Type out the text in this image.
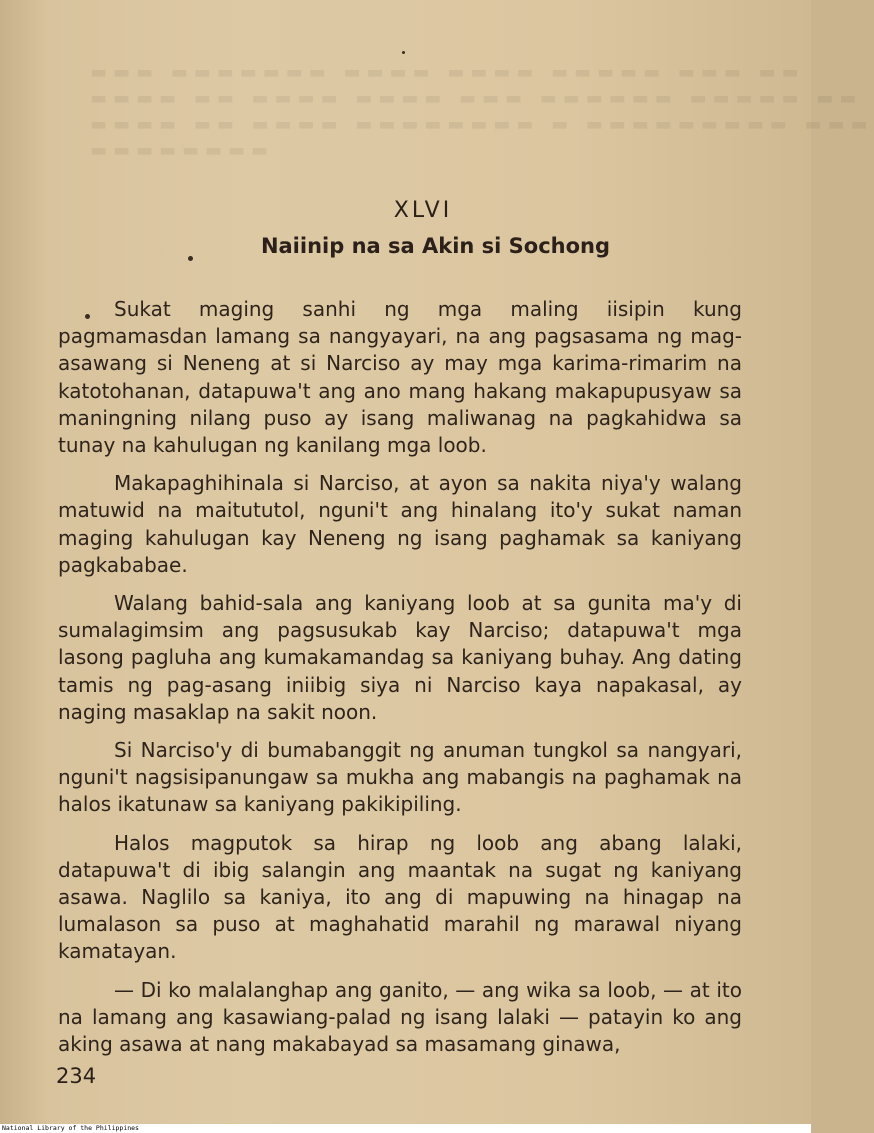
▬▬▬ ▬▬▬▬▬▬▬ ▬▬▬▬ ▬▬▬▬ ▬▬▬▬▬ ▬▬▬ ▬▬
▬▬▬▬ ▬▬ ▬▬▬▬ ▬▬▬▬ ▬▬▬ ▬▬▬▬▬▬ ▬▬▬▬▬ ▬▬
▬▬▬▬ ▬▬ ▬▬▬▬ ▬▬▬▬▬▬▬▬ ▬ ▬▬▬▬▬▬▬▬▬ ▬▬▬
▬▬▬▬▬▬▬▬
XLVI
Naiinip na sa Akin si Sochong

Sukat maging sanhi ng mga maling iisipin kung pagmamasdan lamang sa nangyayari, na ang pagsasama ng mag-asawang si Neneng at si Narciso ay may mga karima-rimarim na katotohanan, datapuwa't ang ano mang hakang makapupusyaw sa maningning nilang puso ay isang maliwanag na pagkahidwa sa tunay na kahulugan ng kanilang mga loob.

Makapaghihinala si Narciso, at ayon sa nakita niya'y walang matuwid na maitututol, nguni't ang hinalang ito'y sukat naman maging kahulugan kay Neneng ng isang paghamak sa kaniyang pagkababae.

Walang bahid-sala ang kaniyang loob at sa gunita ma'y di sumalagimsim ang pagsusukab kay Narciso; datapuwa't mga lasong pagluha ang kumakamandag sa kaniyang buhay. Ang dating tamis ng pag-asang iniibig siya ni Narciso kaya napakasal, ay naging masaklap na sakit noon.

Si Narciso'y di bumabanggit ng anuman tungkol sa nangyari, nguni't nagsisipanungaw sa mukha ang mabangis na paghamak na halos ikatunaw sa kaniyang pakikipiling.

Halos magputok sa hirap ng loob ang abang lalaki, datapuwa't di ibig salangin ang maantak na sugat ng kaniyang asawa. Naglilo sa kaniya, ito ang di mapuwing na hinagap na lumalason sa puso at maghahatid marahil ng marawal niyang kamatayan.

— Di ko malalanghap ang ganito, — ang wika sa loob, — at ito na lamang ang kasawiang-palad ng isang lalaki — patayin ko ang aking asawa at nang makabayad sa masamang ginawa,

234
National Library of the Philippines
